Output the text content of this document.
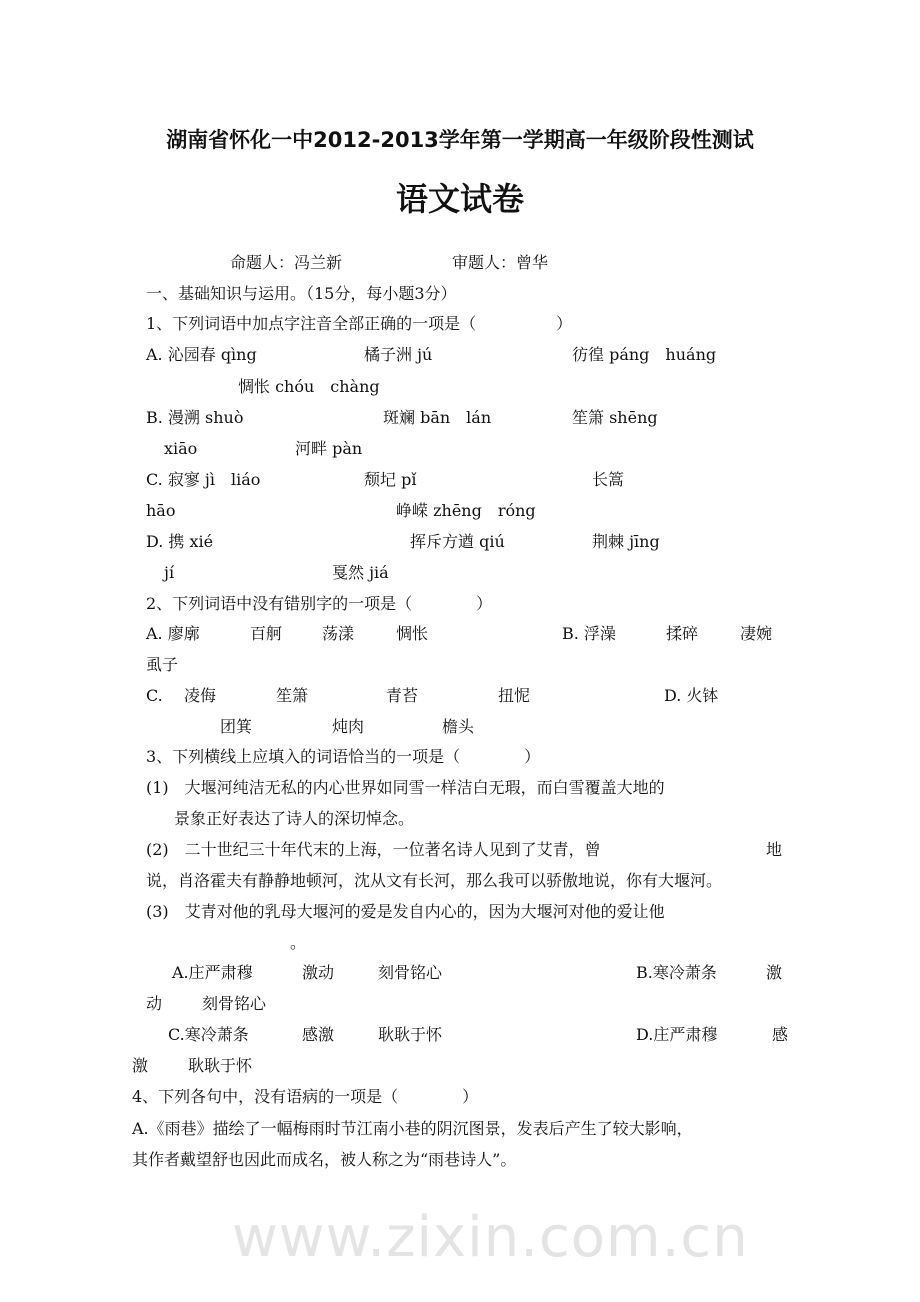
www.zixin.com.cn
湖南省怀化一中2012-2013学年第一学期高一年级阶段性测试
语文试卷
命题人：冯兰新	审题人：曾华
一、基础知识与运用。（15分，每小题3分）
1、下列词语中加点字注音全部正确的一项是（　　　　　）
A. 沁园春 qìng	橘子洲 jú	彷徨 páng　huáng
惆怅 chóu　chàng
B. 漫溯 shuò	斑斓 bān　lán	笙箫 shēng
xiāo	河畔 pàn
C. 寂寥 jì　liáo	颓圮 pǐ	长篙
hāo	峥嵘 zhēng　róng
D. 携 xié	挥斥方遒 qiú	荆棘 jīng
jí	戛然 jiá
2、下列词语中没有错别字的一项是（　　　　）
A. 廖廓	百舸 荡漾	惆怅	B. 浮澡	揉碎	凄婉
虱子
C. 凌侮	笙箫	青苔	扭怩	D. 火钵
团箕	炖肉	檐头
3、下列横线上应填入的词语恰当的一项是（　　　　）
(1)　大堰河纯洁无私的内心世界如同雪一样洁白无瑕，而白雪覆盖大地的
景象正好表达了诗人的深切悼念。
(2)　二十世纪三十年代末的上海，一位著名诗人见到了艾青，曾	地
说，肖洛霍夫有静静地顿河，沈从文有长河，那么我可以骄傲地说，你有大堰河。
(3)　艾青对他的乳母大堰河的爱是发自内心的，因为大堰河对他的爱让他
。
A.庄严肃穆	激动	刻骨铭心	B.寒冷萧条	激
动 刻骨铭心
C.寒冷萧条	感激	耿耿于怀	D.庄严肃穆	感
激 耿耿于怀
4、下列各句中，没有语病的一项是（　　　　）
A.《雨巷》描绘了一幅梅雨时节江南小巷的阴沉图景，发表后产生了较大影响，
其作者戴望舒也因此而成名，被人称之为“雨巷诗人”。
